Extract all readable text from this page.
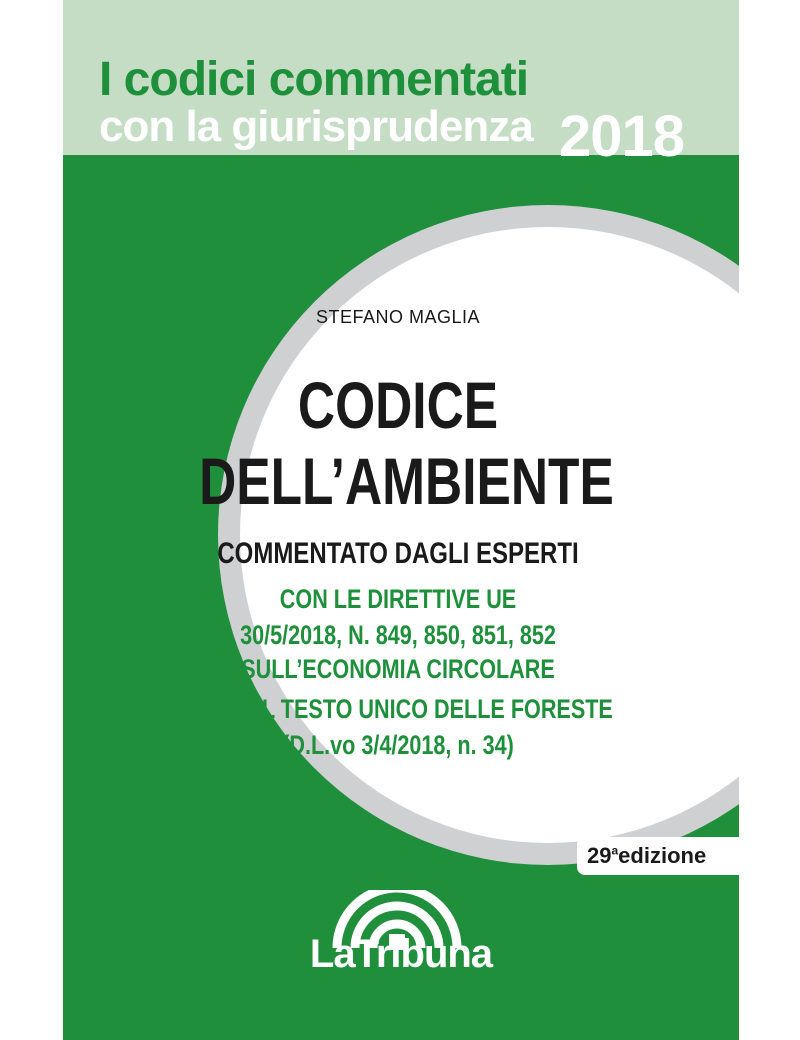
I codici commentati
con la giurisprudenza 2018
STEFANO MAGLIA
CODICE
DELL’AMBIENTE
COMMENTATO DAGLI ESPERTI
CON LE DIRETTIVE UE
30/5/2018, N. 849, 850, 851, 852
SULL’ECONOMIA CIRCOLARE
CON IL TESTO UNICO DELLE FORESTE
(D.L.vo 3/4/2018, n. 34)
29$^a$edizione
LaTribuna
